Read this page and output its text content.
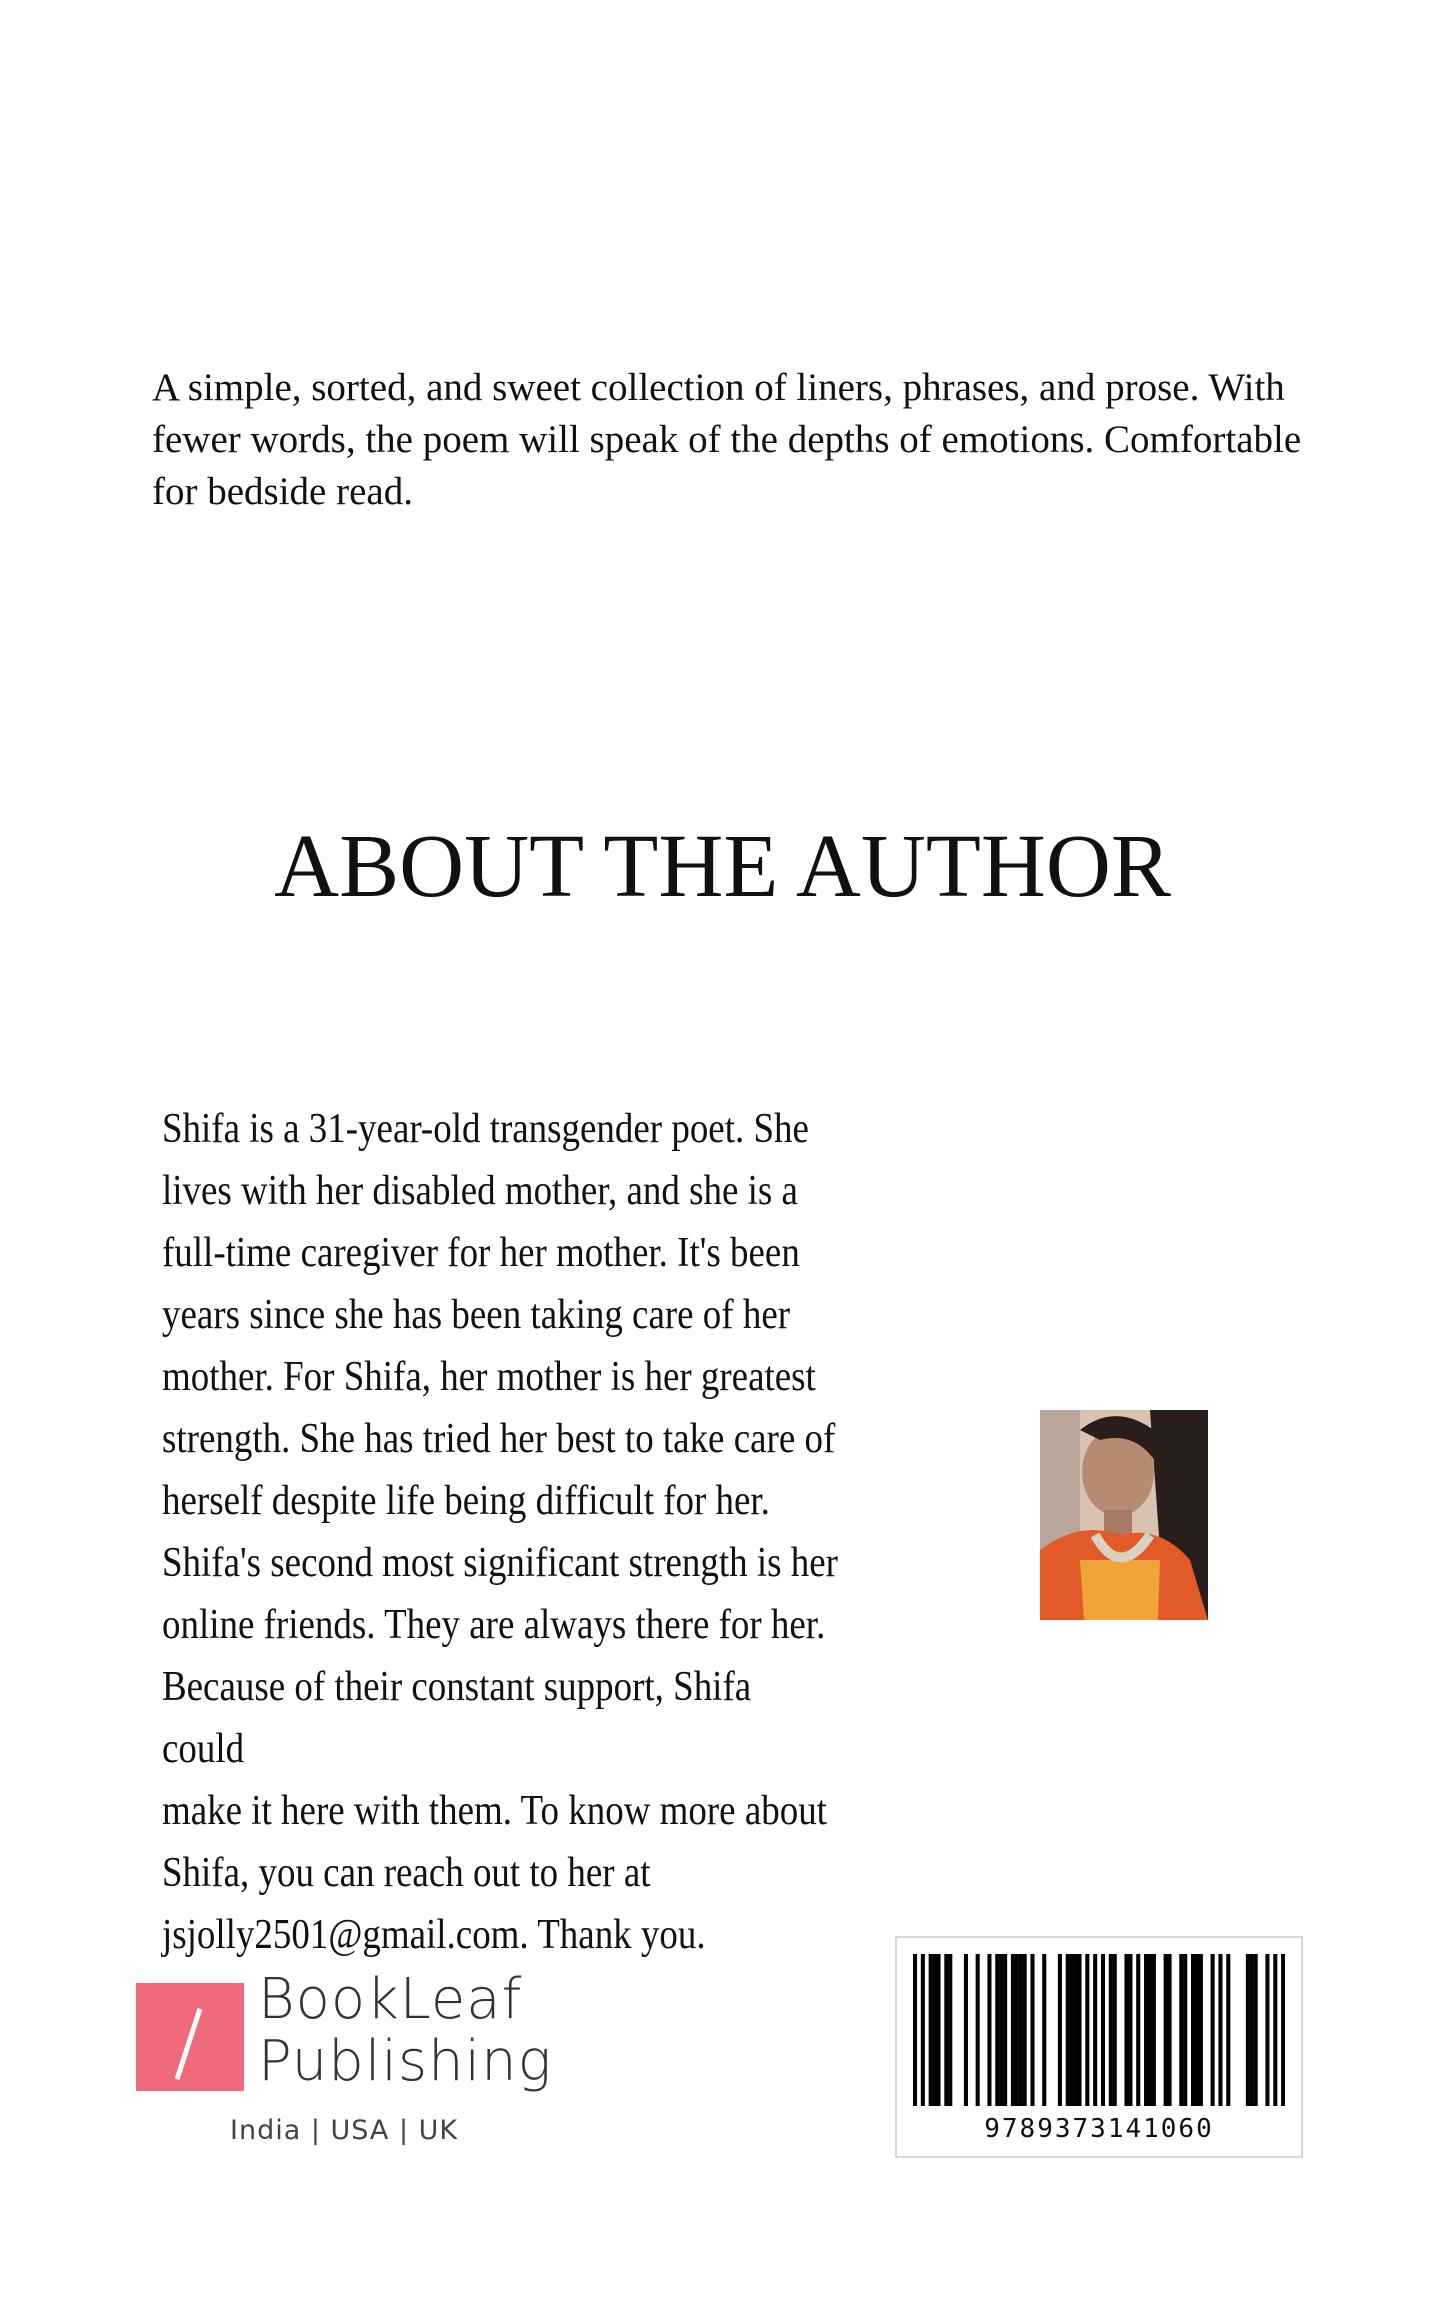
A simple, sorted, and sweet collection of liners, phrases, and prose. With fewer words, the poem will speak of the depths of emotions. Comfortable for bedside read.

ABOUT THE AUTHOR

Shifa is a 31-year-old transgender poet. She
lives with her disabled mother, and she is a
full-time caregiver for her mother. It's been
years since she has been taking care of her
mother. For Shifa, her mother is her greatest
strength. She has tried her best to take care of
herself despite life being difficult for her.
Shifa's second most significant strength is her
online friends. They are always there for her.
Because of their constant support, Shifa could
make it here with them. To know more about
Shifa, you can reach out to her at
jsjolly2501@gmail.com. Thank you.

BookLeaf
Publishing
India | USA | UK	9789373141060
